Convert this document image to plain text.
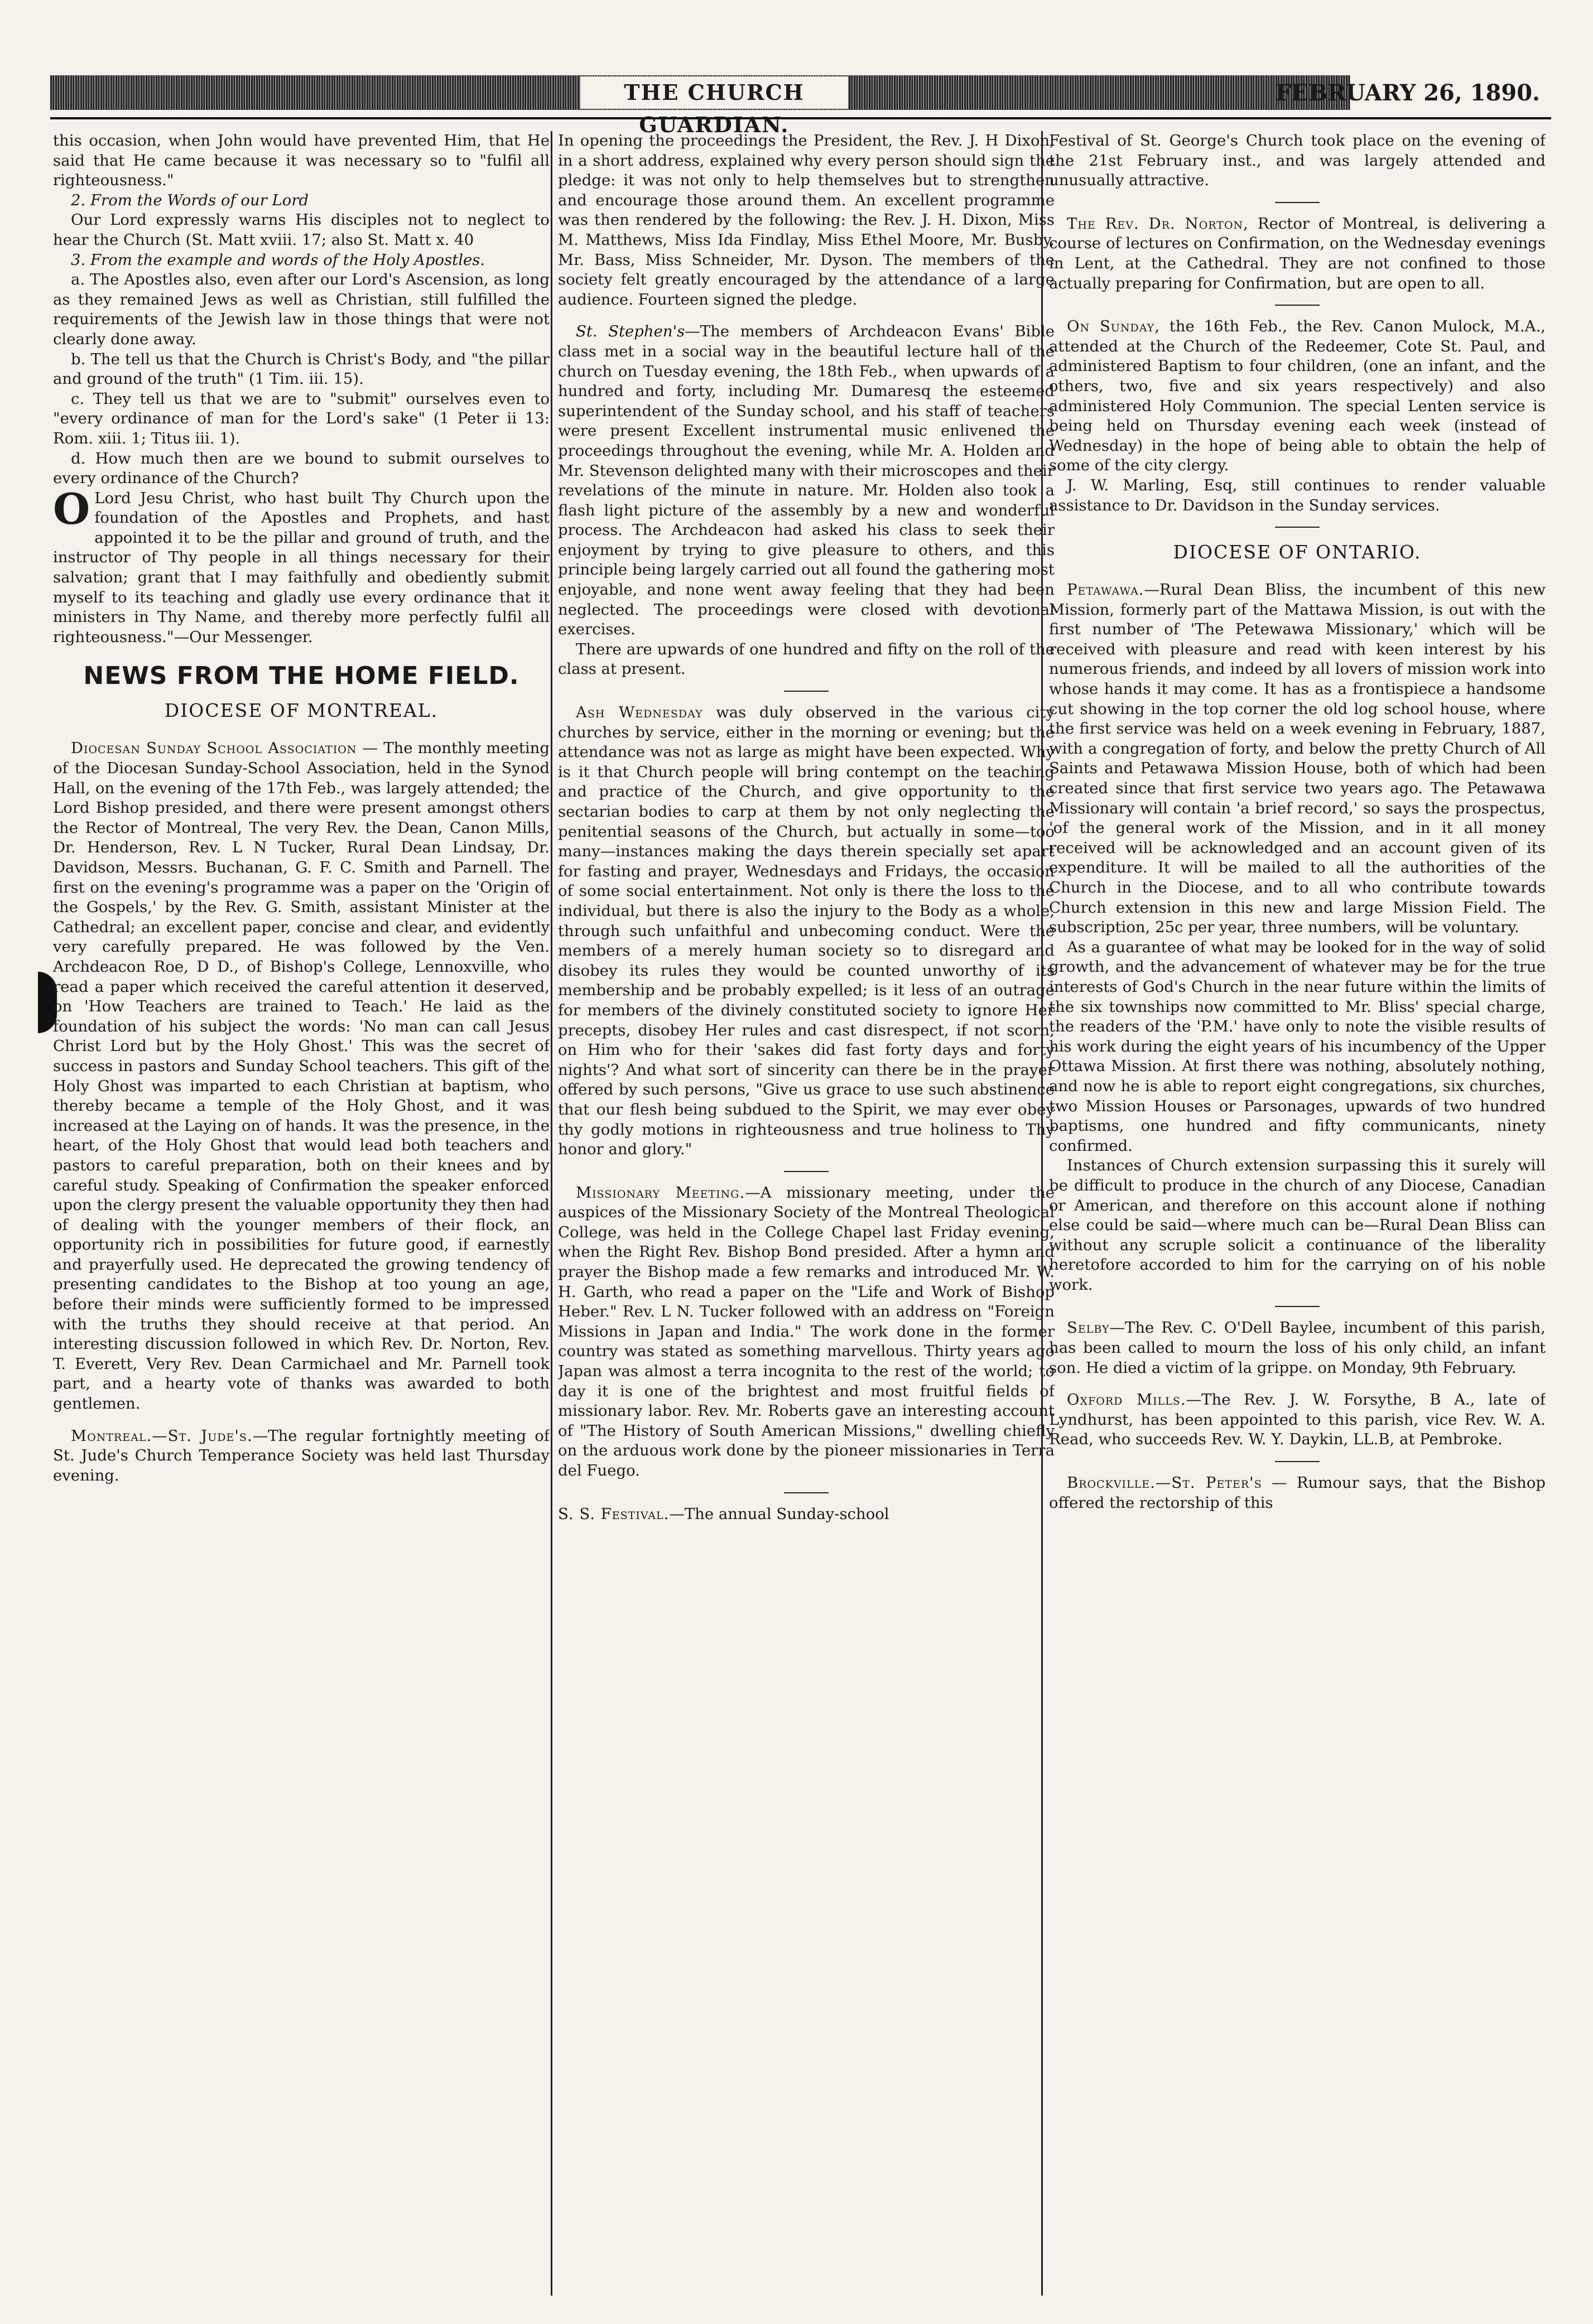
THE CHURCH GUARDIAN.
FEBRUARY 26, 1890.

this occasion, when John would have prevented Him, that He said that He came because it was necessary so to "fulfil all righteousness."

2. From the Words of our Lord

Our Lord expressly warns His disciples not to neglect to hear the Church (St. Matt xviii. 17; also St. Matt x. 40

3. From the example and words of the Holy Apostles.

a. The Apostles also, even after our Lord's Ascension, as long as they remained Jews as well as Christian, still fulfilled the requirements of the Jewish law in those things that were not clearly done away.

b. The tell us that the Church is Christ's Body, and "the pillar and ground of the truth" (1 Tim. iii. 15).

c. They tell us that we are to "submit" ourselves even to "every ordinance of man for the Lord's sake" (1 Peter ii 13: Rom. xiii. 1; Titus iii. 1).

d. How much then are we bound to submit ourselves to every ordinance of the Church?

O Lord Jesu Christ, who hast built Thy Church upon the foundation of the Apostles and Prophets, and hast appointed it to be the pillar and ground of truth, and the instructor of Thy people in all things necessary for their salvation; grant that I may faithfully and obediently submit myself to its teaching and gladly use every ordinance that it ministers in Thy Name, and thereby more perfectly fulfil all righteousness."—Our Messenger.

NEWS FROM THE HOME FIELD.
DIOCESE OF MONTREAL.

Diocesan Sunday School Association — The monthly meeting of the Diocesan Sunday-School Association, held in the Synod Hall, on the evening of the 17th Feb., was largely attended; the Lord Bishop presided, and there were present amongst others the Rector of Montreal, The very Rev. the Dean, Canon Mills, Dr. Henderson, Rev. L N Tucker, Rural Dean Lindsay, Dr. Davidson, Messrs. Buchanan, G. F. C. Smith and Parnell. The first on the evening's programme was a paper on the 'Origin of the Gospels,' by the Rev. G. Smith, assistant Minister at the Cathedral; an excellent paper, concise and clear, and evidently very carefully prepared. He was followed by the Ven. Archdeacon Roe, D D., of Bishop's College, Lennoxville, who read a paper which received the careful attention it deserved, on 'How Teachers are trained to Teach.' He laid as the foundation of his subject the words: 'No man can call Jesus Christ Lord but by the Holy Ghost.' This was the secret of success in pastors and Sunday School teachers. This gift of the Holy Ghost was imparted to each Christian at baptism, who thereby became a temple of the Holy Ghost, and it was increased at the Laying on of hands. It was the presence, in the heart, of the Holy Ghost that would lead both teachers and pastors to careful preparation, both on their knees and by careful study. Speaking of Confirmation the speaker enforced upon the clergy present the valuable opportunity they then had of dealing with the younger members of their flock, an opportunity rich in possibilities for future good, if earnestly and prayerfully used. He deprecated the growing tendency of presenting candidates to the Bishop at too young an age, before their minds were sufficiently formed to be impressed with the truths they should receive at that period. An interesting discussion followed in which Rev. Dr. Norton, Rev. T. Everett, Very Rev. Dean Carmichael and Mr. Parnell took part, and a hearty vote of thanks was awarded to both gentlemen.

Montreal.—St. Jude's.—The regular fortnightly meeting of St. Jude's Church Temperance Society was held last Thursday evening.

In opening the proceedings the President, the Rev. J. H Dixon, in a short address, explained why every person should sign the pledge: it was not only to help themselves but to strengthen and encourage those around them. An excellent programme was then rendered by the following: the Rev. J. H. Dixon, Miss M. Matthews, Miss Ida Findlay, Miss Ethel Moore, Mr. Busby, Mr. Bass, Miss Schneider, Mr. Dyson. The members of the society felt greatly encouraged by the attendance of a large audience. Fourteen signed the pledge.

St. Stephen's—The members of Archdeacon Evans' Bible class met in a social way in the beautiful lecture hall of the church on Tuesday evening, the 18th Feb., when upwards of a hundred and forty, including Mr. Dumaresq the esteemed superintendent of the Sunday school, and his staff of teachers were present Excellent instrumental music enlivened the proceedings throughout the evening, while Mr. A. Holden and Mr. Stevenson delighted many with their microscopes and their revelations of the minute in nature. Mr. Holden also took a flash light picture of the assembly by a new and wonderful process. The Archdeacon had asked his class to seek their enjoyment by trying to give pleasure to others, and this principle being largely carried out all found the gathering most enjoyable, and none went away feeling that they had been neglected. The proceedings were closed with devotional exercises.

There are upwards of one hundred and fifty on the roll of the class at present.

Ash Wednesday was duly observed in the various city churches by service, either in the morning or evening; but the attendance was not as large as might have been expected. Why is it that Church people will bring contempt on the teaching and practice of the Church, and give opportunity to the sectarian bodies to carp at them by not only neglecting the penitential seasons of the Church, but actually in some—too many—instances making the days therein specially set apart for fasting and prayer, Wednesdays and Fridays, the occasion of some social entertainment. Not only is there the loss to the individual, but there is also the injury to the Body as a whole, through such unfaithful and unbecoming conduct. Were the members of a merely human society so to disregard and disobey its rules they would be counted unworthy of its membership and be probably expelled; is it less of an outrage for members of the divinely constituted society to ignore Her precepts, disobey Her rules and cast disrespect, if not scorn, on Him who for their 'sakes did fast forty days and forty nights'? And what sort of sincerity can there be in the prayer offered by such persons, "Give us grace to use such abstinence that our flesh being subdued to the Spirit, we may ever obey thy godly motions in righteousness and true holiness to Thy honor and glory."

Missionary Meeting.—A missionary meeting, under the auspices of the Missionary Society of the Montreal Theological College, was held in the College Chapel last Friday evening, when the Right Rev. Bishop Bond presided. After a hymn and prayer the Bishop made a few remarks and introduced Mr. W. H. Garth, who read a paper on the "Life and Work of Bishop Heber." Rev. L N. Tucker followed with an address on "Foreign Missions in Japan and India." The work done in the former country was stated as something marvellous. Thirty years ago Japan was almost a terra incognita to the rest of the world; to day it is one of the brightest and most fruitful fields of missionary labor. Rev. Mr. Roberts gave an interesting account of "The History of South American Missions," dwelling chiefly on the arduous work done by the pioneer missionaries in Terra del Fuego.

S. S. Festival.—The annual Sunday-school

Festival of St. George's Church took place on the evening of the 21st February inst., and was largely attended and unusually attractive.

The Rev. Dr. Norton, Rector of Montreal, is delivering a course of lectures on Confirmation, on the Wednesday evenings in Lent, at the Cathedral. They are not confined to those actually preparing for Confirmation, but are open to all.

On Sunday, the 16th Feb., the Rev. Canon Mulock, M.A., attended at the Church of the Redeemer, Cote St. Paul, and administered Baptism to four children, (one an infant, and the others, two, five and six years respectively) and also administered Holy Communion. The special Lenten service is being held on Thursday evening each week (instead of Wednesday) in the hope of being able to obtain the help of some of the city clergy.

J. W. Marling, Esq, still continues to render valuable assistance to Dr. Davidson in the Sunday services.

DIOCESE OF ONTARIO.

Petawawa.—Rural Dean Bliss, the incumbent of this new Mission, formerly part of the Mattawa Mission, is out with the first number of 'The Petewawa Missionary,' which will be received with pleasure and read with keen interest by his numerous friends, and indeed by all lovers of mission work into whose hands it may come. It has as a frontispiece a handsome cut showing in the top corner the old log school house, where the first service was held on a week evening in February, 1887, with a congregation of forty, and below the pretty Church of All Saints and Petawawa Mission House, both of which had been created since that first service two years ago. The Petawawa Missionary will contain 'a brief record,' so says the prospectus, 'of the general work of the Mission, and in it all money received will be acknowledged and an account given of its expenditure. It will be mailed to all the authorities of the Church in the Diocese, and to all who contribute towards Church extension in this new and large Mission Field. The subscription, 25c per year, three numbers, will be voluntary.

As a guarantee of what may be looked for in the way of solid growth, and the advancement of whatever may be for the true interests of God's Church in the near future within the limits of the six townships now committed to Mr. Bliss' special charge, the readers of the 'P.M.' have only to note the visible results of his work during the eight years of his incumbency of the Upper Ottawa Mission. At first there was nothing, absolutely nothing, and now he is able to report eight congregations, six churches, two Mission Houses or Parsonages, upwards of two hundred baptisms, one hundred and fifty communicants, ninety confirmed.

Instances of Church extension surpassing this it surely will be difficult to produce in the church of any Diocese, Canadian or American, and therefore on this account alone if nothing else could be said—where much can be—Rural Dean Bliss can without any scruple solicit a continuance of the liberality heretofore accorded to him for the carrying on of his noble work.

Selby—The Rev. C. O'Dell Baylee, incumbent of this parish, has been called to mourn the loss of his only child, an infant son. He died a victim of la grippe. on Monday, 9th February.

Oxford Mills.—The Rev. J. W. Forsythe, B A., late of Lyndhurst, has been appointed to this parish, vice Rev. W. A. Read, who succeeds Rev. W. Y. Daykin, LL.B, at Pembroke.

Brockville.—St. Peter's — Rumour says, that the Bishop offered the rectorship of this
